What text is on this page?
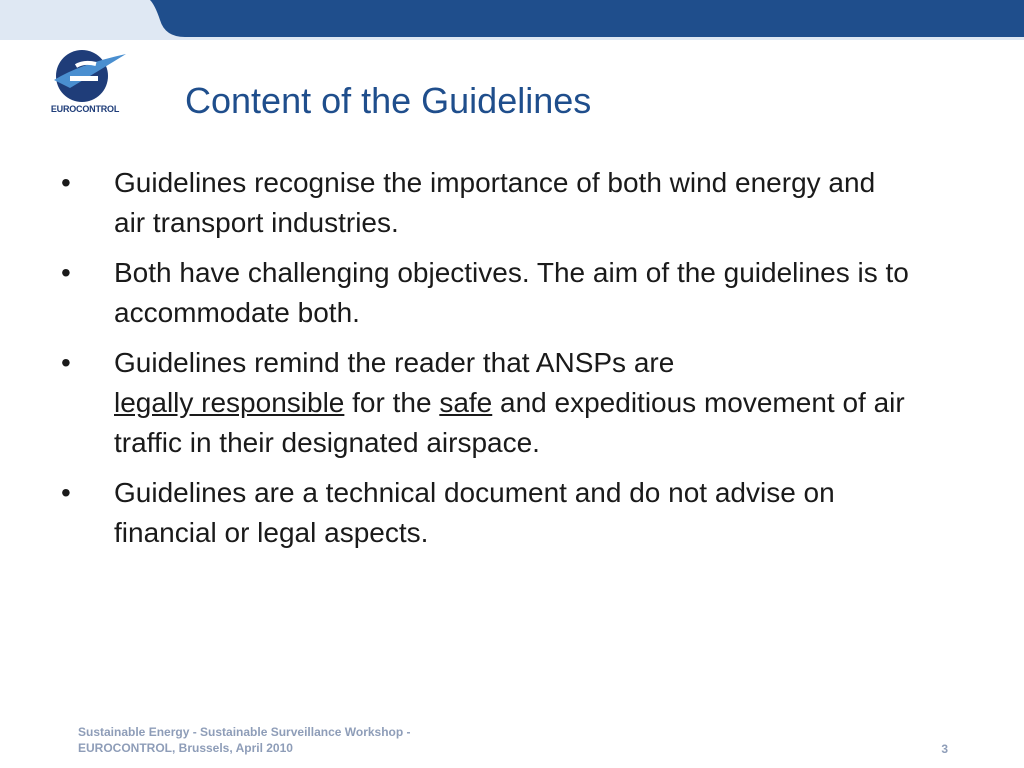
EUROCONTROL	Content of the Guidelines
• Guidelines recognise the importance of both wind energy and air transport industries.
• Both have challenging objectives. The aim of the guidelines is to accommodate both.
• Guidelines remind the reader that ANSPs are
legally responsible for the safe and expeditious movement of air traffic in their designated airspace.
• Guidelines are a technical document and do not advise on financial or legal aspects.
Sustainable Energy - Sustainable Surveillance Workshop -
EUROCONTROL, Brussels, April 2010	3
